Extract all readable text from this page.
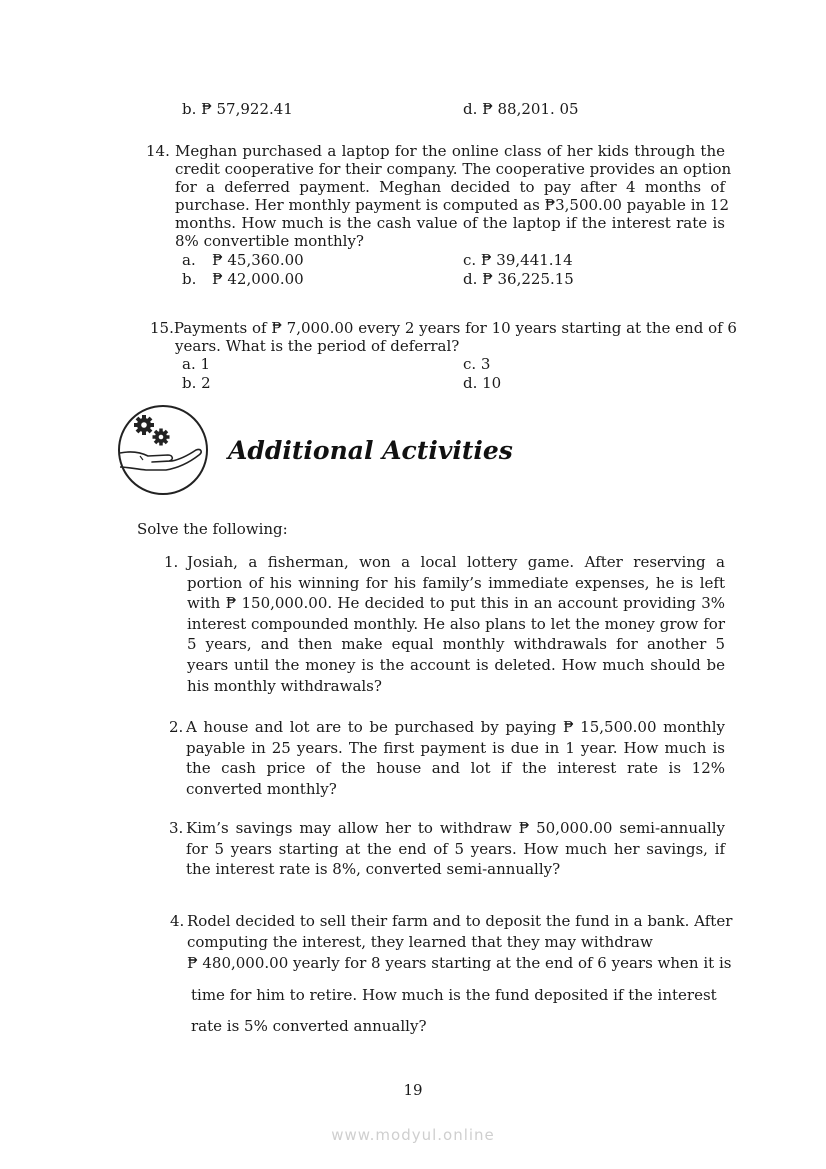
b. ₱ 57,922.41	d. ₱ 88,201. 05
14. Meghan purchased a laptop for the online class of her kids through the
credit cooperative for their company. The cooperative provides an option
for a deferred payment. Meghan decided to pay after 4 months of
purchase. Her monthly payment is computed as ₱3,500.00 payable in 12
months. How much is the cash value of the laptop if the interest rate is
8% convertible monthly?
a. ₱ 45,360.00	c. ₱ 39,441.14
b. ₱ 42,000.00	d. ₱ 36,225.15
15.Payments of ₱ 7,000.00 every 2 years for 10 years starting at the end of 6
years. What is the period of deferral?
a. 1	c. 3
b. 2	d. 10
Additional Activities
Solve the following:
1. Josiah, a fisherman, won a local lottery game. After reserving a portion of his winning for his family’s immediate expenses, he is left with ₱ 150,000.00. He decided to put this in an account providing 3% interest compounded monthly. He also plans to let the money grow for 5 years, and then make equal monthly withdrawals for another 5 years until the money is the account is deleted. How much should be his monthly withdrawals?
2. A house and lot are to be purchased by paying ₱ 15,500.00 monthly payable in 25 years. The first payment is due in 1 year. How much is the cash price of the house and lot if the interest rate is 12% converted monthly?
3. Kim’s savings may allow her to withdraw ₱ 50,000.00 semi-annually for 5 years starting at the end of 5 years. How much her savings, if the interest rate is 8%, converted semi-annually?
4. Rodel decided to sell their farm and to deposit the fund in a bank. After
computing the interest, they learned that they may withdraw
₱ 480,000.00 yearly for 8 years starting at the end of 6 years when it is
time for him to retire. How much is the fund deposited if the interest
rate is 5% converted annually?
19
www.modyul.online
